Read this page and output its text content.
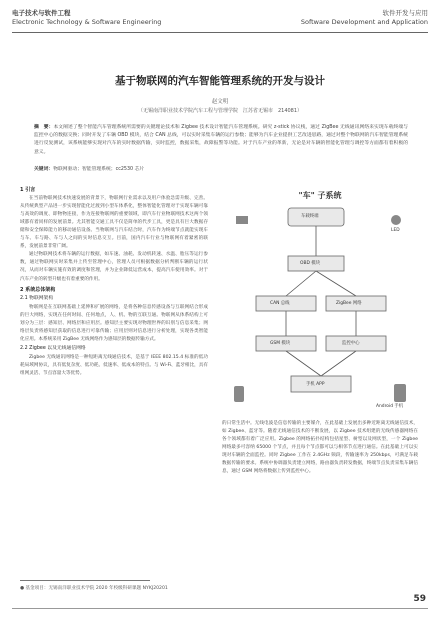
电子技术与软件工程
Electronic Technology & Software Engineering
软件开发与应用
Software Development and Application
基于物联网的汽车智能管理系统的开发与设计
赵文明
（无锡南洋职业技术学院汽车工程与管理学院　江苏省无锡市　214081）
摘　要：本文阐述了整个智能汽车管理系统所需要的关键理论技术和 Zigbee 技术设计智能汽车管理系统。研究 z-stick 协议栈，通过 ZigBee 无线通讯网络来实现车载终端与监控中心的数据交换；同时开发了车辆 OBD 模块，结合 CAN 总线，可以实时采集车辆的运行参数；能够为汽车企业提供工艺改进思路，通过对整个物联网的汽车智能管理系统进行反复测试，该系统能够实现对汽车的实时数据传输，实时监控，数据采集，故障报警等功能。对于汽车产业的革新，无论是对车辆的智能化管理与调控等方面都有着积极的意义。
关键词：物联网驱动；智能管理系统；cc2530 芯片
1 引言

在当前物联网技术快速发展的背景下，物联网行业需求以及用户体验急需升级、完善。从传统典型产品进一步实现智能化过渡到小型车体系化，整体智能化管理对于实现车辆可靠与高效的调度、即物物连接，作为连接物联网的重要领域，即汽车行业物联网技术这两个领域都有着同样的发展前景。尤其智能交通工具不仅是简单的代步工具，更是具有巨大数据存储和安全保障能力的移动通信设备。当物联网与汽车结合时，汽车作为终端节点就能实现车与车、车与路、车与人之间的实时信息交互。目前，国内汽车行业与物联网有着紧密的联系，发展前景非常广阔。

通过物联网技术将车辆的运行数据，如车速、油耗、发动机转速、水温、胎压等运行参数，通过物联网实时采集并上传至管理中心，管理人员可根据数据分析判断车辆的运行状况，从而对车辆实施有效的调度和管理，并为企业降低运营成本，提高汽车使用效率。对于汽车产业的转型升级也有着重要的作用。

2 系统总体架构
2.1 物联网架构

物联网是在互联网基础上延伸和扩展的网络，是将各种信息传感设备与互联网结合形成的巨大网络，实现在任何时间、任何地点，人、机、物的互联互通。物联网从体系结构上可划分为三层：感知层、网络层和应用层。感知层主要实现对物理世界的识别与信息采集；网络层负责将感知层获取的信息进行可靠传输；应用层则对信息进行分析处理，实现各类智能化应用。本系统采用 ZigBee 无线网络作为感知层的数据传输方式。

2.2 Zigbee 以及无线通信网络

Zigbee 无线通讯网络是一种短距离无线通信技术，是基于 IEEE 802.15.4 标准的低功耗局域网协议，具有低复杂度、低功耗、低速率、低成本的特点。与 Wi-Fi、蓝牙相比，具有组网灵活、节点容量大等优势。

"车" 子系统
车载终端
OBD 模块
CAN 总线	ZigBee 网络
GSM 模块	监控中心
手机 APP
LED
Android 手机

的日常生活中。无线电波是信息传输的主要媒介，在此基础上发展出多种近距离无线通信技术，如 Zigbee、蓝牙等。随着无线通信技术的不断发展，以 Zigbee 技术组建的无线传感器网络在各个领域都有着广泛应用。Zigbee 的网络拓扑结构包括星型、树型以及网状型，一个 Zigbee 网络最多可容纳 65000 个节点，并且每个节点都可以与相邻节点进行通信。在此基础上可以实现对车辆的全面监控。同时 Zigbee 工作在 2.4GHz 频段，传输速率为 250kbps，可满足车载数据传输的要求。系统中协调器负责建立网络，路由器负责转发数据，终端节点负责采集车辆信息，通过 GSM 网络将数据上传到监控中心。

● 基金项目：无锡南洋职业技术学院 2020 年校级科研课题 NYKJ20201
59
